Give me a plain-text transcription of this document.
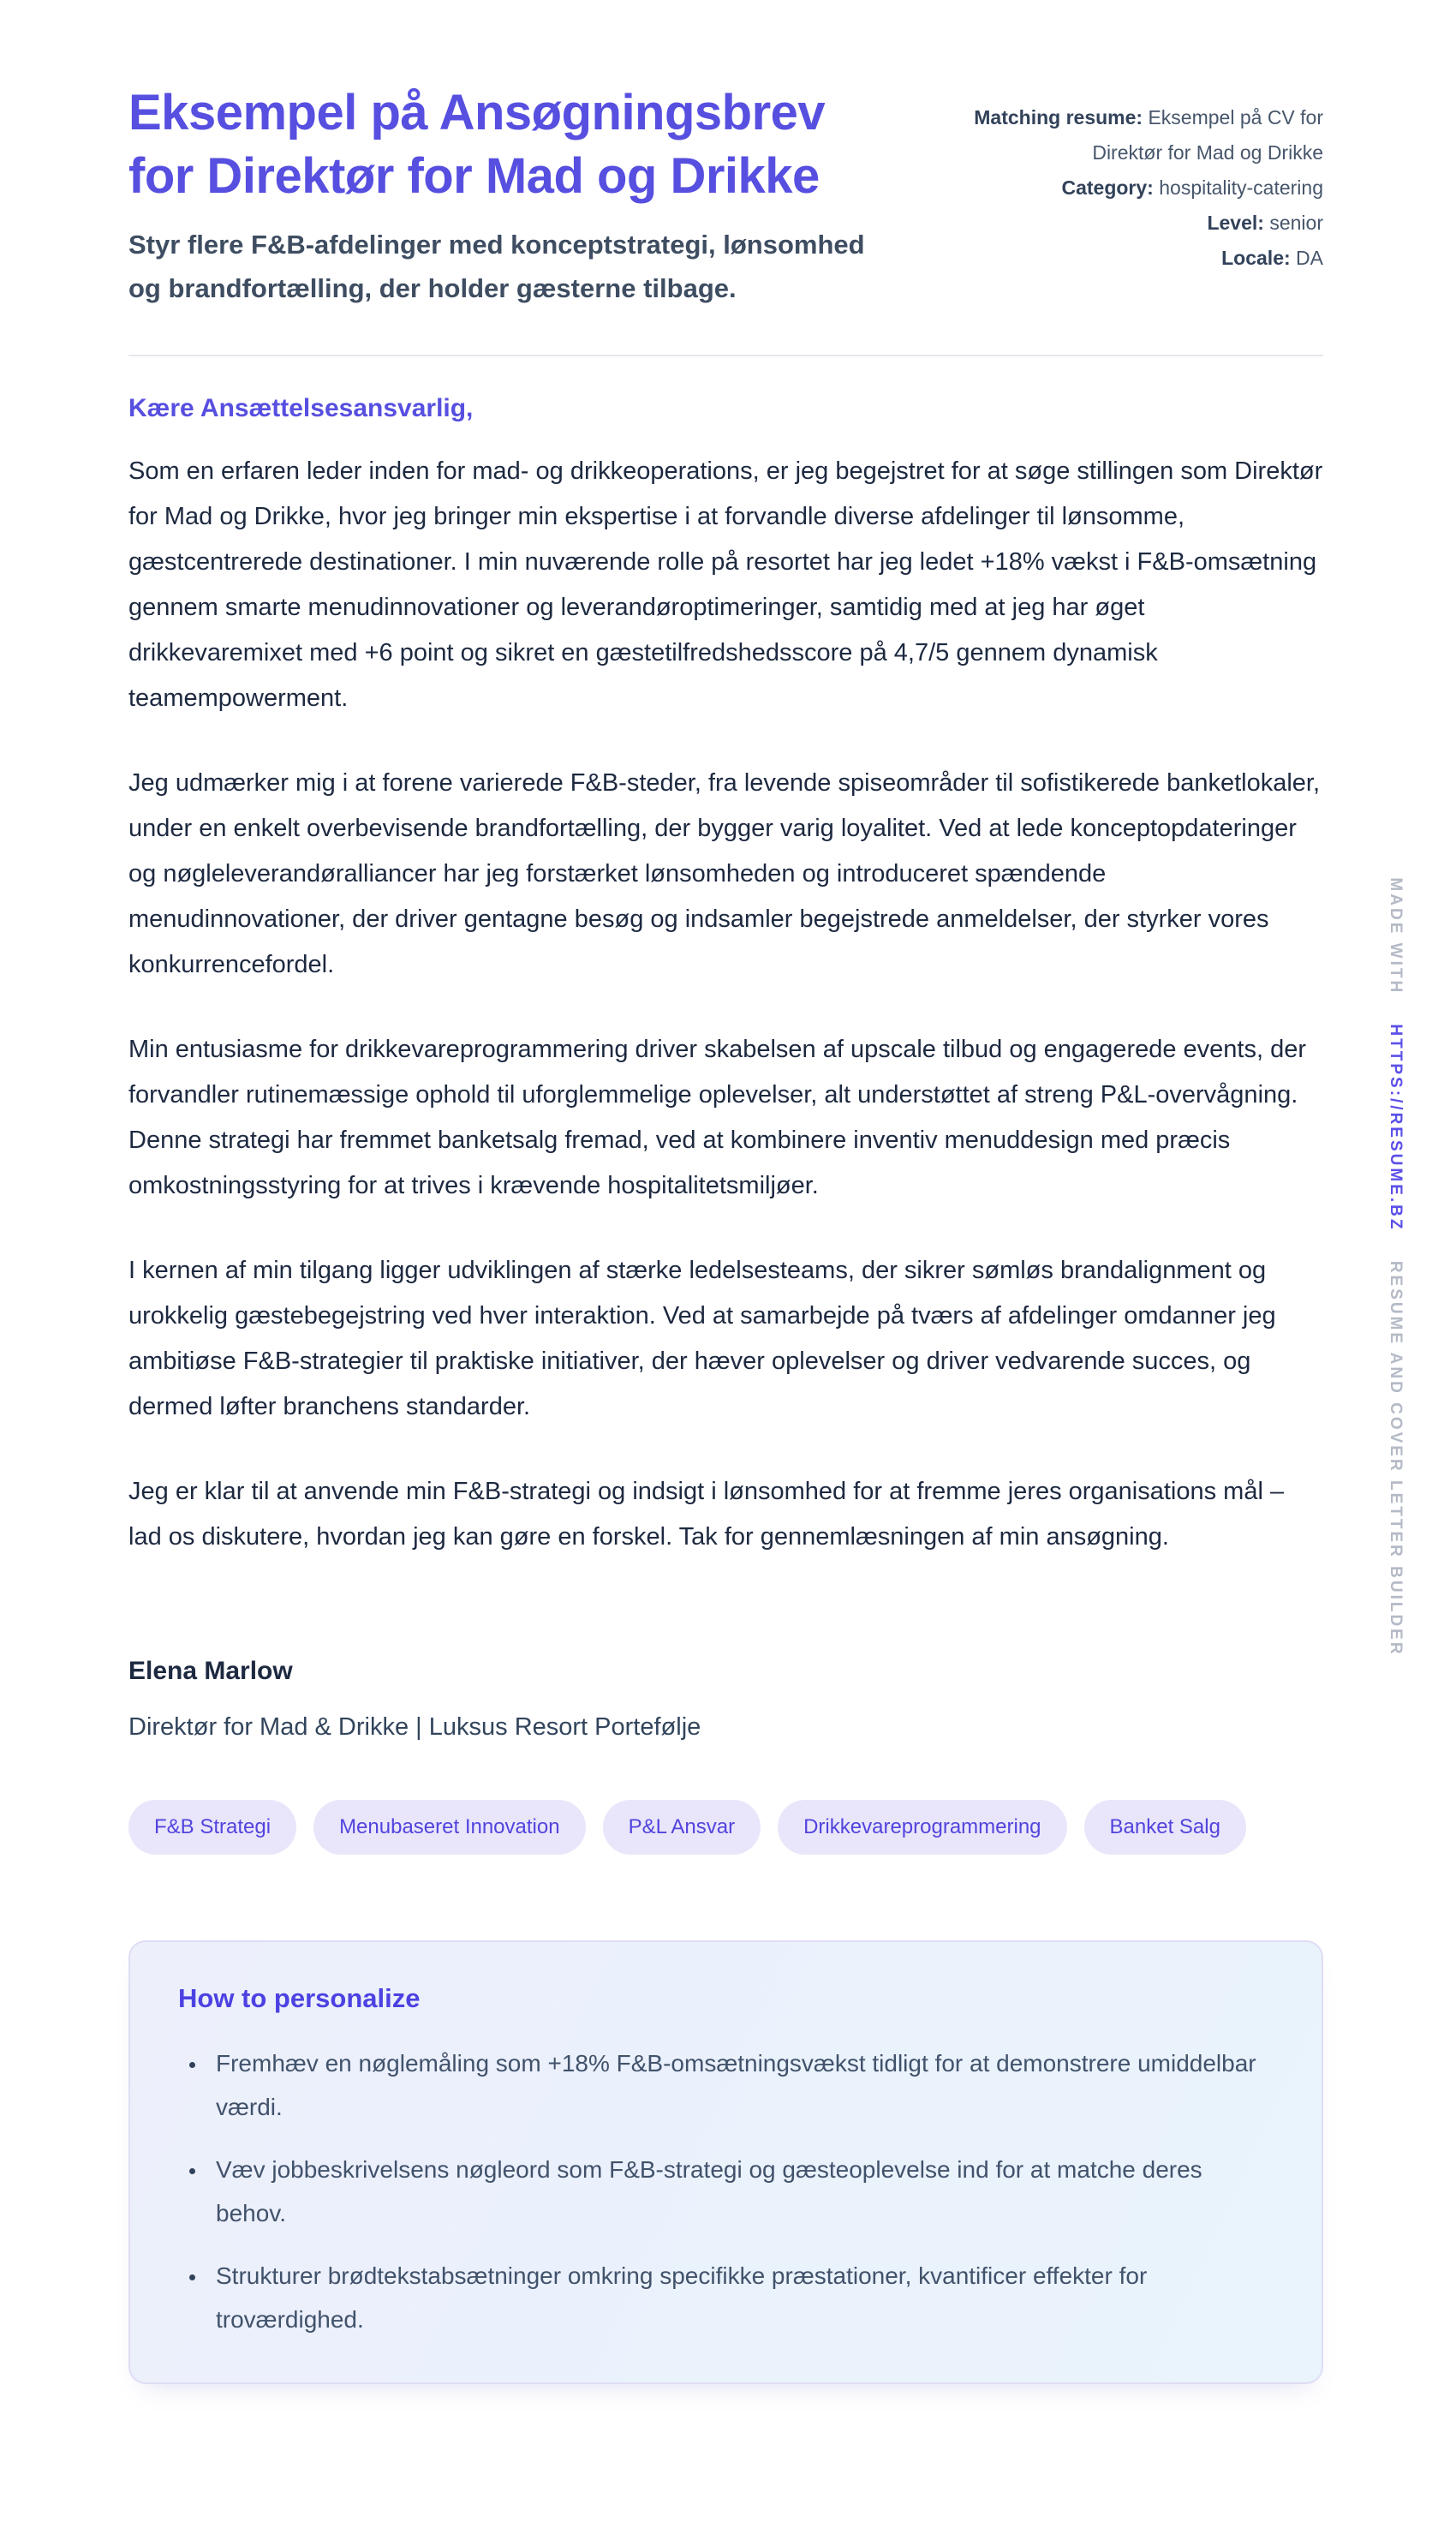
Eksempel på Ansøgningsbrev for Direktør for Mad og Drikke

Styr flere F&B-afdelinger med konceptstrategi, lønsomhed og brandfortælling, der holder gæsterne tilbage.

Matching resume: Eksempel på CV for Direktør for Mad og Drikke
Category: hospitality-catering
Level: senior
Locale: DA

Kære Ansættelsesansvarlig,

Som en erfaren leder inden for mad- og drikkeoperations, er jeg begejstret for at søge stillingen som Direktør for Mad og Drikke, hvor jeg bringer min ekspertise i at forvandle diverse afdelinger til lønsomme, gæstcentrerede destinationer. I min nuværende rolle på resortet har jeg ledet +18% vækst i F&B-omsætning gennem smarte menudinnovationer og leverandøroptimeringer, samtidig med at jeg har øget drikkevaremixet med +6 point og sikret en gæstetilfredshedsscore på 4,7/5 gennem dynamisk teamempowerment.

Jeg udmærker mig i at forene varierede F&B-steder, fra levende spiseområder til sofistikerede banketlokaler, under en enkelt overbevisende brandfortælling, der bygger varig loyalitet. Ved at lede konceptopdateringer og nøgleleverandøralliancer har jeg forstærket lønsomheden og introduceret spændende menudinnovationer, der driver gentagne besøg og indsamler begejstrede anmeldelser, der styrker vores konkurrencefordel.

Min entusiasme for drikkevareprogrammering driver skabelsen af upscale tilbud og engagerede events, der forvandler rutinemæssige ophold til uforglemmelige oplevelser, alt understøttet af streng P&L-overvågning. Denne strategi har fremmet banketsalg fremad, ved at kombinere inventiv menuddesign med præcis omkostningsstyring for at trives i krævende hospitalitetsmiljøer.

I kernen af min tilgang ligger udviklingen af stærke ledelsesteams, der sikrer sømløs brandalignment og urokkelig gæstebegejstring ved hver interaktion. Ved at samarbejde på tværs af afdelinger omdanner jeg ambitiøse F&B-strategier til praktiske initiativer, der hæver oplevelser og driver vedvarende succes, og dermed løfter branchens standarder.

Jeg er klar til at anvende min F&B-strategi og indsigt i lønsomhed for at fremme jeres organisations mål – lad os diskutere, hvordan jeg kan gøre en forskel. Tak for gennemlæsningen af min ansøgning.

Elena Marlow

Direktør for Mad & Drikke | Luksus Resort Portefølje

F&B Strategi	Menubaseret Innovation	P&L Ansvar	Drikkevareprogrammering	Banket Salg
How to personalize
• Fremhæv en nøglemåling som +18% F&B-omsætningsvækst tidligt for at demonstrere umiddelbar værdi.
• Væv jobbeskrivelsens nøgleord som F&B-strategi og gæsteoplevelse ind for at matche deres behov.
• Strukturer brødtekstabsætninger omkring specifikke præstationer, kvantificer effekter for troværdighed.
MADE WITH HTTPS://RESUME.BZ RESUME AND COVER LETTER BUILDER
